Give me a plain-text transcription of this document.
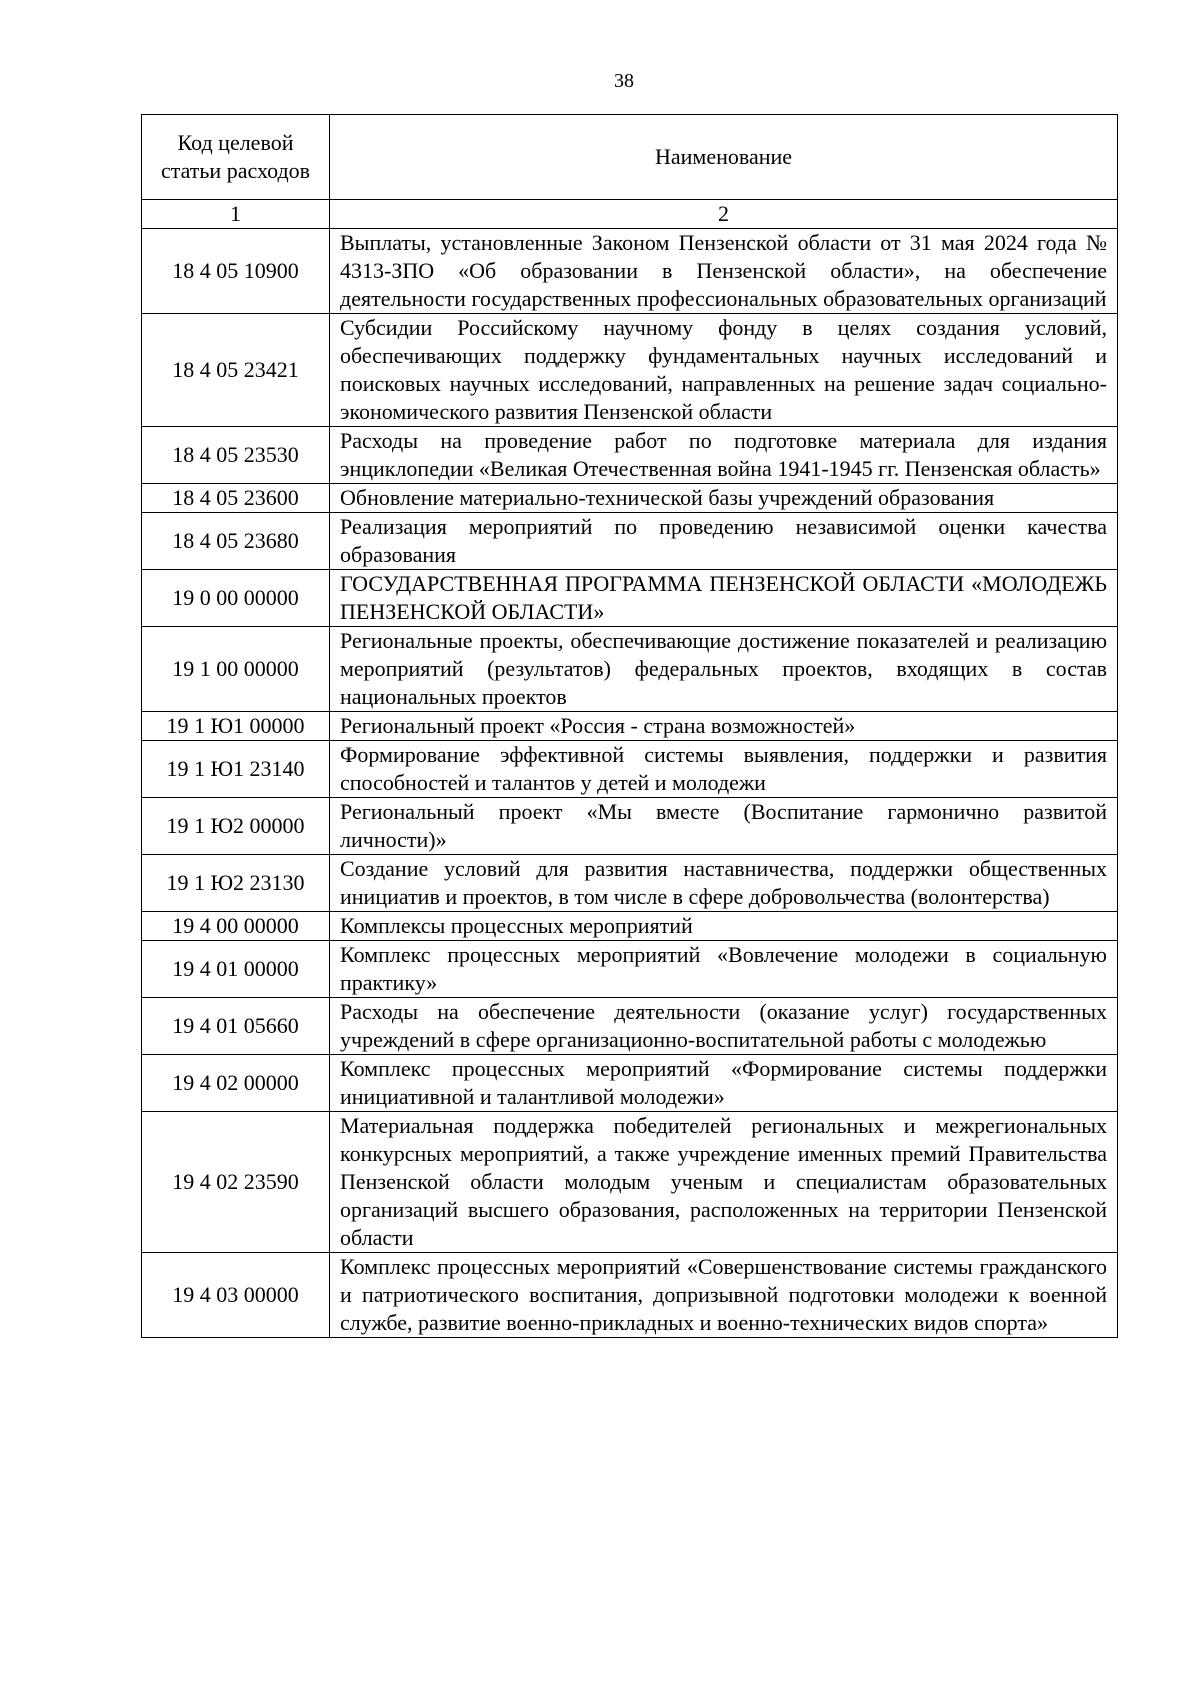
38
Код целевой статьи расходов	Наименование
1	2
18 4 05 10900	Выплаты, установленные Законом Пензенской области от 31 мая 2024 года № 4313-ЗПО «Об образовании в Пензенской области», на обеспечение деятельности государственных профессиональных образовательных организаций
18 4 05 23421	Субсидии Российскому научному фонду в целях создания условий, обеспечивающих поддержку фундаментальных научных исследований и поисковых научных исследований, направленных на решение задач социально-экономического развития Пензенской области
18 4 05 23530	Расходы на проведение работ по подготовке материала для издания энциклопедии «Великая Отечественная война 1941-1945 гг. Пензенская область»
18 4 05 23600	Обновление материально-технической базы учреждений образования
18 4 05 23680	Реализация мероприятий по проведению независимой оценки качества образования
19 0 00 00000	ГОСУДАРСТВЕННАЯ ПРОГРАММА ПЕНЗЕНСКОЙ ОБЛАСТИ «МОЛОДЕЖЬ ПЕНЗЕНСКОЙ ОБЛАСТИ»
19 1 00 00000	Региональные проекты, обеспечивающие достижение показателей и реализацию мероприятий (результатов) федеральных проектов, входящих в состав национальных проектов
19 1 Ю1 00000	Региональный проект «Россия - страна возможностей»
19 1 Ю1 23140	Формирование эффективной системы выявления, поддержки и развития способностей и талантов у детей и молодежи
19 1 Ю2 00000	Региональный проект «Мы вместе (Воспитание гармонично развитой личности)»
19 1 Ю2 23130	Создание условий для развития наставничества, поддержки общественных инициатив и проектов, в том числе в сфере добровольчества (волонтерства)
19 4 00 00000	Комплексы процессных мероприятий
19 4 01 00000	Комплекс процессных мероприятий «Вовлечение молодежи в социальную практику»
19 4 01 05660	Расходы на обеспечение деятельности (оказание услуг) государственных учреждений в сфере организационно-воспитательной работы с молодежью
19 4 02 00000	Комплекс процессных мероприятий «Формирование системы поддержки инициативной и талантливой молодежи»
19 4 02 23590	Материальная поддержка победителей региональных и межрегиональных конкурсных мероприятий, а также учреждение именных премий Правительства Пензенской области молодым ученым и специалистам образовательных организаций высшего образования, расположенных на территории Пензенской области
19 4 03 00000	Комплекс процессных мероприятий «Совершенствование системы гражданского и патриотического воспитания, допризывной подготовки молодежи к военной службе, развитие военно-прикладных и военно-технических видов спорта»
